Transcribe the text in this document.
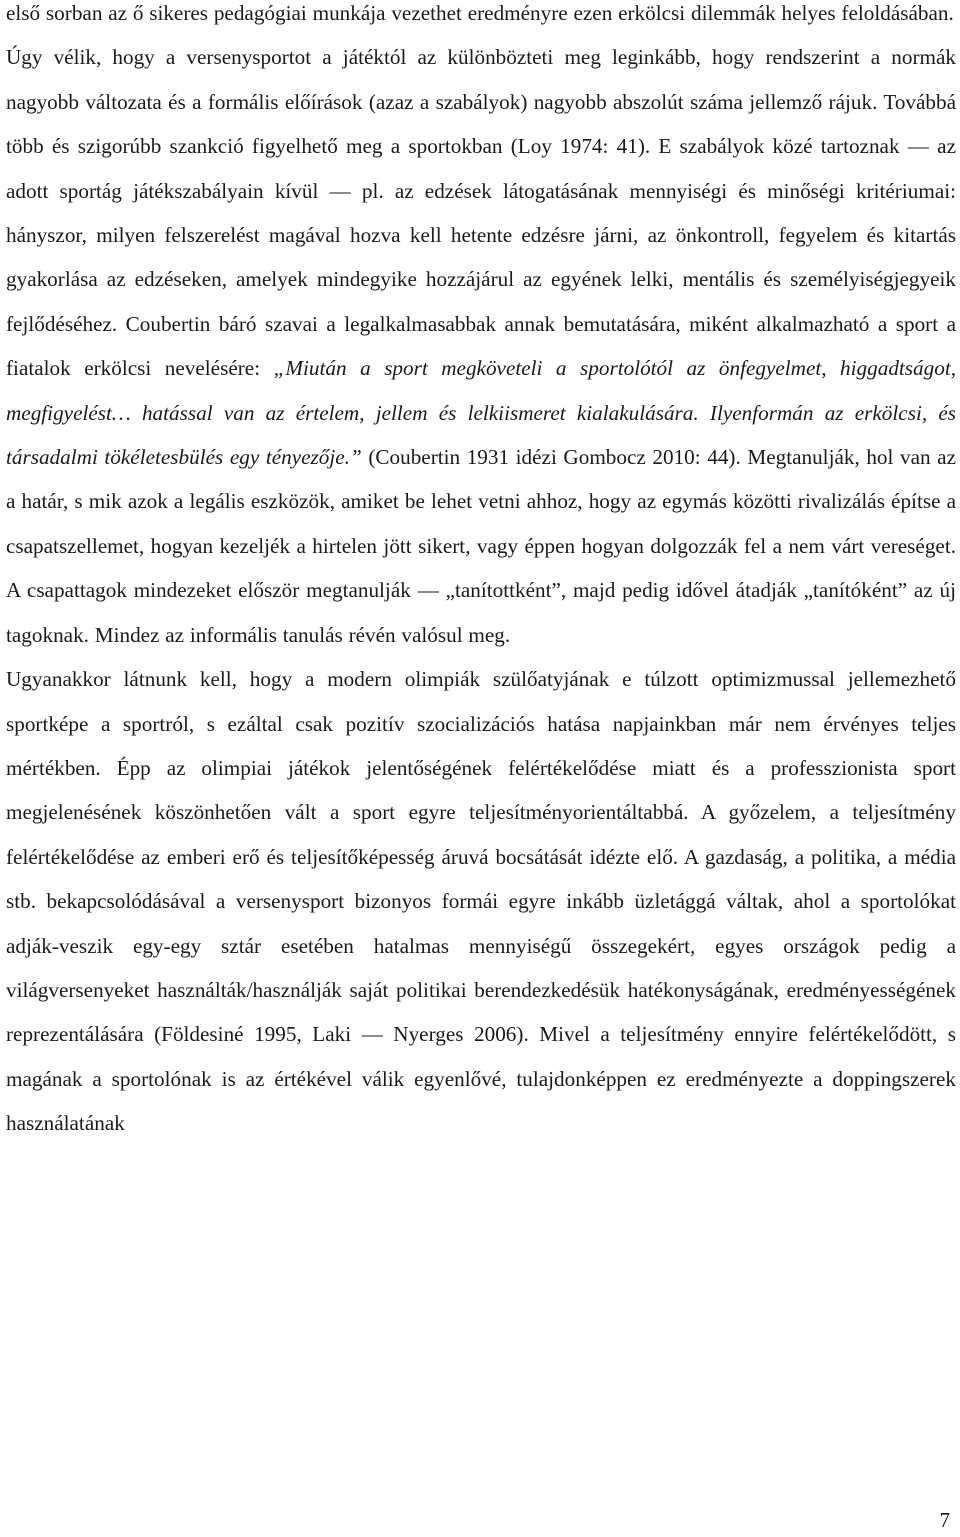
első sorban az ő sikeres pedagógiai munkája vezethet eredményre ezen erkölcsi dilemmák helyes feloldásában.

Úgy vélik, hogy a versenysportot a játéktól az különbözteti meg leginkább, hogy rendszerint a normák nagyobb változata és a formális előírások (azaz a szabályok) nagyobb abszolút száma jellemző rájuk. Továbbá több és szigorúbb szankció figyelhető meg a sportokban (Loy 1974: 41). E szabályok közé tartoznak — az adott sportág játékszabályain kívül — pl. az edzések látogatásának mennyiségi és minőségi kritériumai: hányszor, milyen felszerelést magával hozva kell hetente edzésre járni, az önkontroll, fegyelem és kitartás gyakorlása az edzéseken, amelyek mindegyike hozzájárul az egyének lelki, mentális és személyiségjegyeik fejlődéséhez. Coubertin báró szavai a legalkalmasabbak annak bemutatására, miként alkalmazható a sport a fiatalok erkölcsi nevelésére: „Miután a sport megköveteli a sportolótól az önfegyelmet, higgadtságot, megfigyelést… hatással van az értelem, jellem és lelkiismeret kialakulására. Ilyenformán az erkölcsi, és társadalmi tökéletesbülés egy tényezője.” (Coubertin 1931 idézi Gombocz 2010: 44). Megtanulják, hol van az a határ, s mik azok a legális eszközök, amiket be lehet vetni ahhoz, hogy az egymás közötti rivalizálás építse a csapatszellemet, hogyan kezeljék a hirtelen jött sikert, vagy éppen hogyan dolgozzák fel a nem várt vereséget. A csapattagok mindezeket először megtanulják — „tanítottként”, majd pedig idővel átadják „tanítóként” az új tagoknak. Mindez az informális tanulás révén valósul meg.

Ugyanakkor látnunk kell, hogy a modern olimpiák szülőatyjának e túlzott optimizmussal jellemezhető sportképe a sportról, s ezáltal csak pozitív szocializációs hatása napjainkban már nem érvényes teljes mértékben. Épp az olimpiai játékok jelentőségének felértékelődése miatt és a professzionista sport megjelenésének köszönhetően vált a sport egyre teljesítményorientáltabbá. A győzelem, a teljesítmény felértékelődése az emberi erő és teljesítőképesség áruvá bocsátását idézte elő. A gazdaság, a politika, a média stb. bekapcsolódásával a versenysport bizonyos formái egyre inkább üzletággá váltak, ahol a sportolókat adják-veszik egy-egy sztár esetében hatalmas mennyiségű összegekért, egyes országok pedig a világversenyeket használták/használják saját politikai berendezkedésük hatékonyságának, eredményességének reprezentálására (Földesiné 1995, Laki — Nyerges 2006). Mivel a teljesítmény ennyire felértékelődött, s magának a sportolónak is az értékével válik egyenlővé, tulajdonképpen ez eredményezte a doppingszerek használatának

7
